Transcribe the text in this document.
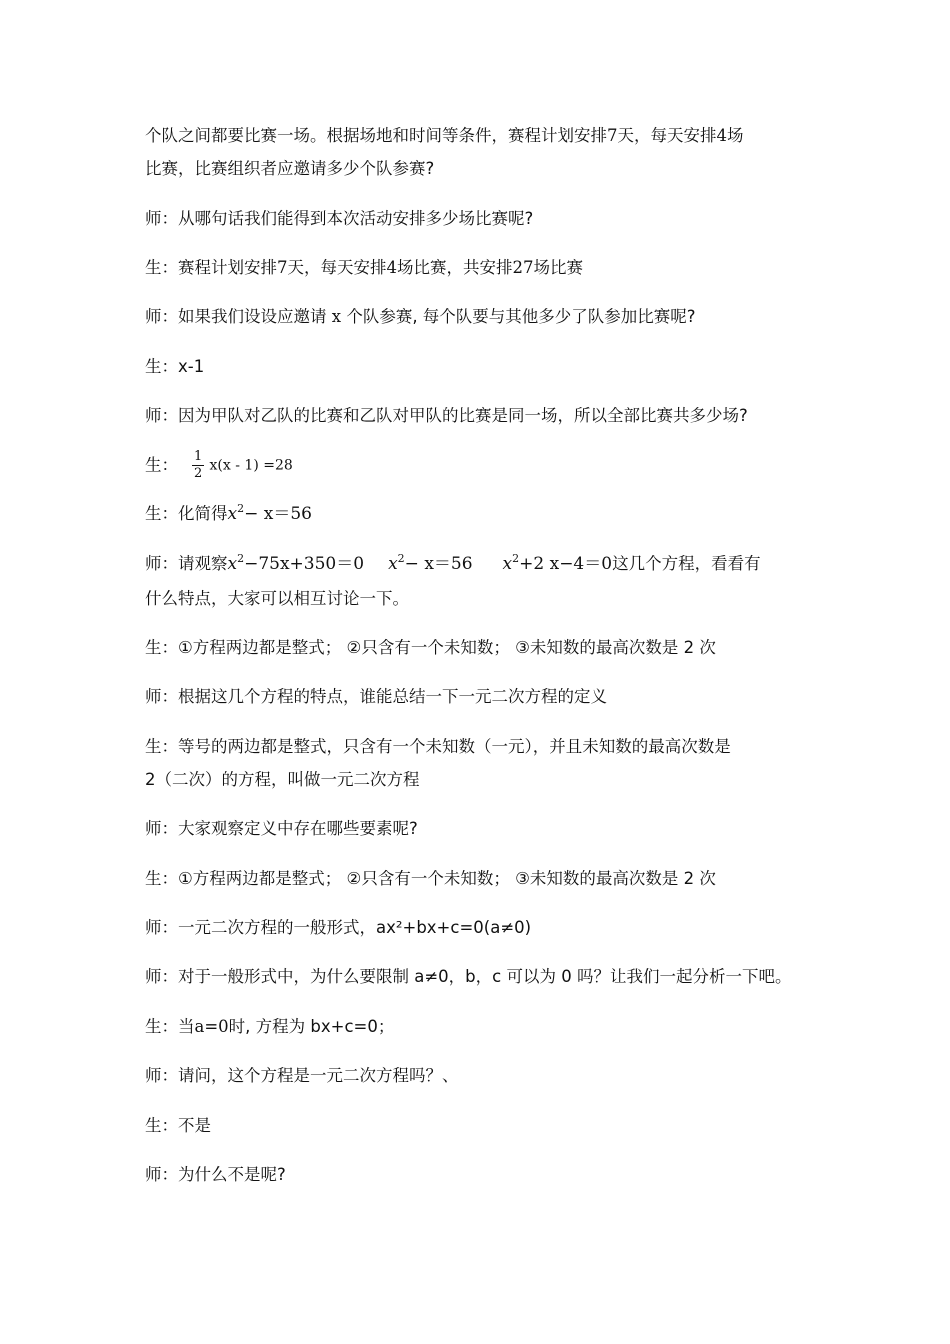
个队之间都要比赛一场。根据场地和时间等条件，赛程计划安排7天，每天安排4场
比赛，比赛组织者应邀请多少个队参赛?
师：从哪句话我们能得到本次活动安排多少场比赛呢?
生：赛程计划安排7天，每天安排4场比赛，共安排27场比赛
师：如果我们设设应邀请 x 个队参赛, 每个队要与其他多少了队参加比赛呢?
生：x-1
师：因为甲队对乙队的比赛和乙队对甲队的比赛是同一场，所以全部比赛共多少场?
生： $\frac{1}{2} x(x - 1) =28$
生：化简得$x^2- x=56$
师：请观察$x^2-75x+350=0$ $x^2- x=56$ $x^2+2$ x−4＝0这几个方程，看看有
什么特点，大家可以相互讨论一下。
生：①方程两边都是整式； ②只含有一个未知数； ③未知数的最高次数是 2 次
师：根据这几个方程的特点，谁能总结一下一元二次方程的定义
生：等号的两边都是整式，只含有一个未知数（一元），并且未知数的最高次数是
2（二次）的方程，叫做一元二次方程
师：大家观察定义中存在哪些要素呢?
生：①方程两边都是整式； ②只含有一个未知数； ③未知数的最高次数是 2 次
师：一元二次方程的一般形式，ax²+bx+c=0(a≠0)
师：对于一般形式中，为什么要限制 a≠0，b，c 可以为 0 吗？让我们一起分析一下吧。
生：当a=0时, 方程为 bx+c=0；
师：请问，这个方程是一元二次方程吗？、
生：不是
师：为什么不是呢?
